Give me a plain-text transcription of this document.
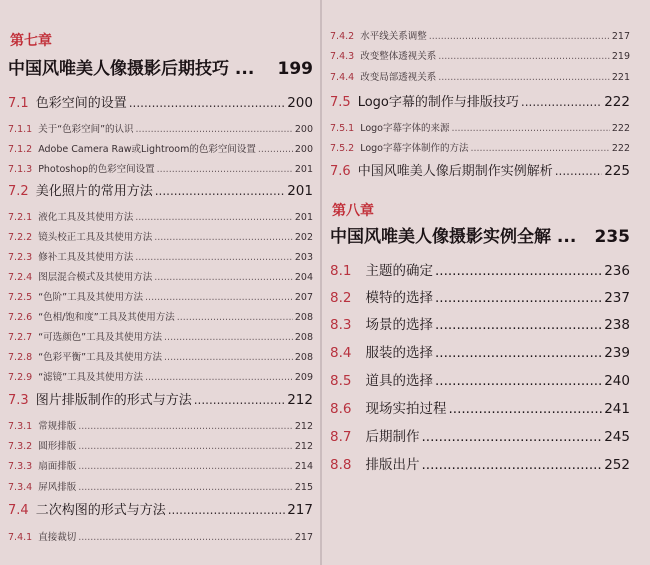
第七章
中国风唯美人像摄影后期技巧 ... 199
7.1 色彩空间的设置 .....	200
7.1.1 关于“色彩空间”的认识 .....	200
7.1.2 Adobe Camera Raw或Lightroom的色彩空间设置 .....	200
7.1.3 Photoshop的色彩空间设置 .....	201
7.2 美化照片的常用方法 .....	201
7.2.1 液化工具及其使用方法 .....	201
7.2.2 镜头校正工具及其使用方法 .....	202
7.2.3 修补工具及其使用方法 .....	203
7.2.4 图层混合模式及其使用方法 .....	204
7.2.5 “色阶”工具及其使用方法 .....	207
7.2.6 “色相/饱和度”工具及其使用方法 .....	208
7.2.7 “可选颜色”工具及其使用方法 .....	208
7.2.8 “色彩平衡”工具及其使用方法 .....	208
7.2.9 “滤镜”工具及其使用方法 .....	209
7.3 图片排版制作的形式与方法 .....	212
7.3.1 常规排版 .....	212
7.3.2 圆形排版 .....	212
7.3.3 扇面排版 .....	214
7.3.4 屏风排版 .....	215
7.4 二次构图的形式与方法 .....	217
7.4.1 直接裁切 .....	217
7.4.2 水平线关系调整 .....	217
7.4.3 改变整体透视关系 .....	219
7.4.4 改变局部透视关系 .....	221
7.5 Logo字幕的制作与排版技巧 .....	222
7.5.1 Logo字幕字体的来源 .....	222
7.5.2 Logo字幕字体制作的方法 .....	222
7.6 中国风唯美人像后期制作实例解析 .....	225
第八章
中国风唯美人像摄影实例全解 ... 235
8.1 主题的确定 .....	236
8.2 模特的选择 .....	237
8.3 场景的选择 .....	238
8.4 服装的选择 .....	239
8.5 道具的选择 .....	240
8.6 现场实拍过程 .....	241
8.7 后期制作 .....	245
8.8 排版出片 .....	252
